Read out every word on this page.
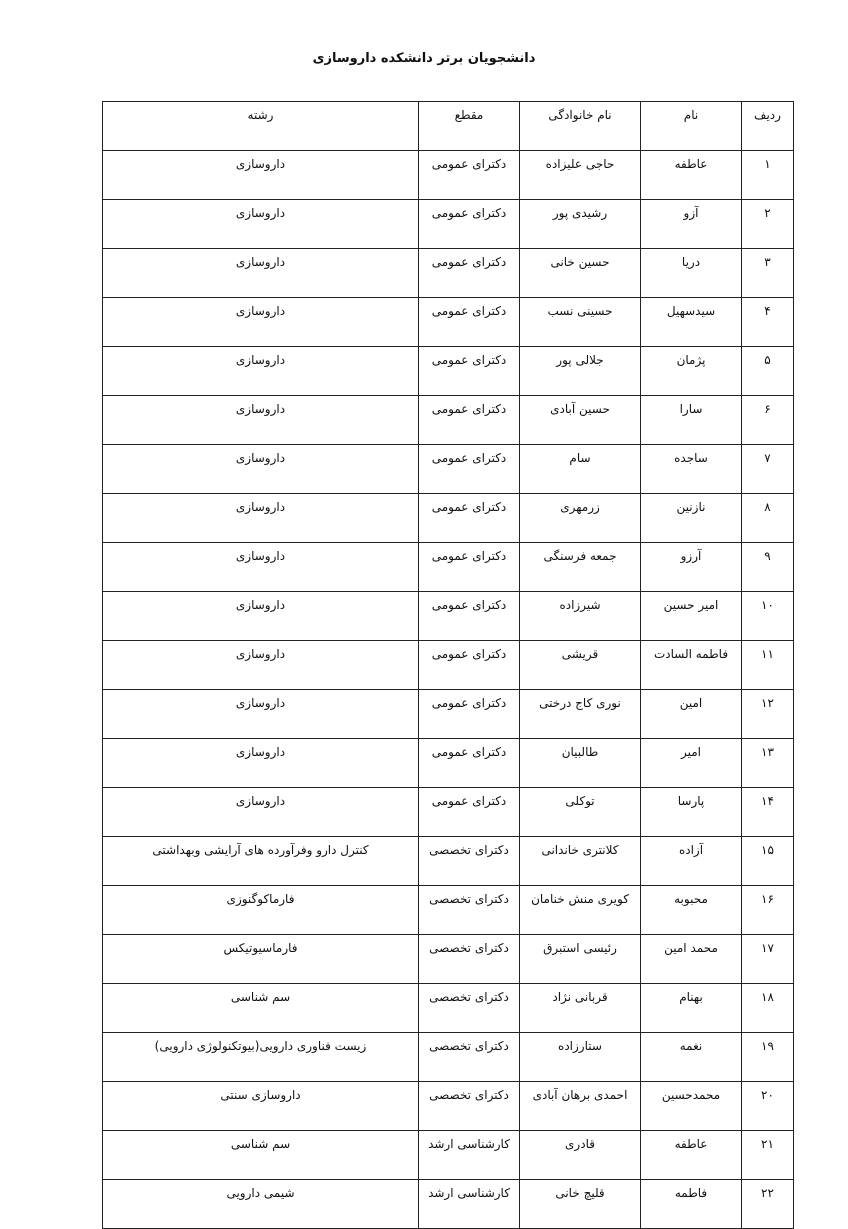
دانشجویان برتر دانشکده داروسازی
ردیف	نام	نام خانوادگی	مقطع	رشته
۱	عاطفه	حاجی علیزاده	دکترای عمومی	داروسازی
۲	آزو	رشیدی پور	دکترای عمومی	داروسازی
۳	دریا	حسین خانی	دکترای عمومی	داروسازی
۴	سیدسهیل	حسینی نسب	دکترای عمومی	داروسازی
۵	پژمان	جلالی پور	دکترای عمومی	داروسازی
۶	سارا	حسین آبادی	دکترای عمومی	داروسازی
۷	ساجده	سام	دکترای عمومی	داروسازی
۸	نازنین	زرمهری	دکترای عمومی	داروسازی
۹	آرزو	جمعه فرسنگی	دکترای عمومی	داروسازی
۱۰	امیر حسین	شیرزاده	دکترای عمومی	داروسازی
۱۱	فاطمه السادت	قریشی	دکترای عمومی	داروسازی
۱۲	امین	نوری کاج درختی	دکترای عمومی	داروسازی
۱۳	امیر	طالبیان	دکترای عمومی	داروسازی
۱۴	پارسا	توکلی	دکترای عمومی	داروسازی
۱۵	آزاده	کلانتری خاندانی	دکترای تخصصی	کنترل دارو وفرآورده های آرایشی وبهداشتی
۱۶	محبوبه	کویری منش خنامان	دکترای تخصصی	فارماکوگنوزی
۱۷	محمد امین	رئیسی استبرق	دکترای تخصصی	فارماسیوتیکس
۱۸	بهنام	قربانی نژاد	دکترای تخصصی	سم شناسی
۱۹	نغمه	ستارزاده	دکترای تخصصی	زیست فناوری دارویی(بیوتکنولوژی دارویی)
۲۰	محمدحسین	احمدی برهان آبادی	دکترای تخصصی	داروسازی سنتی
۲۱	عاطفه	قادری	کارشناسی ارشد	سم شناسی
۲۲	فاطمه	قلیچ خانی	کارشناسی ارشد	شیمی دارویی
